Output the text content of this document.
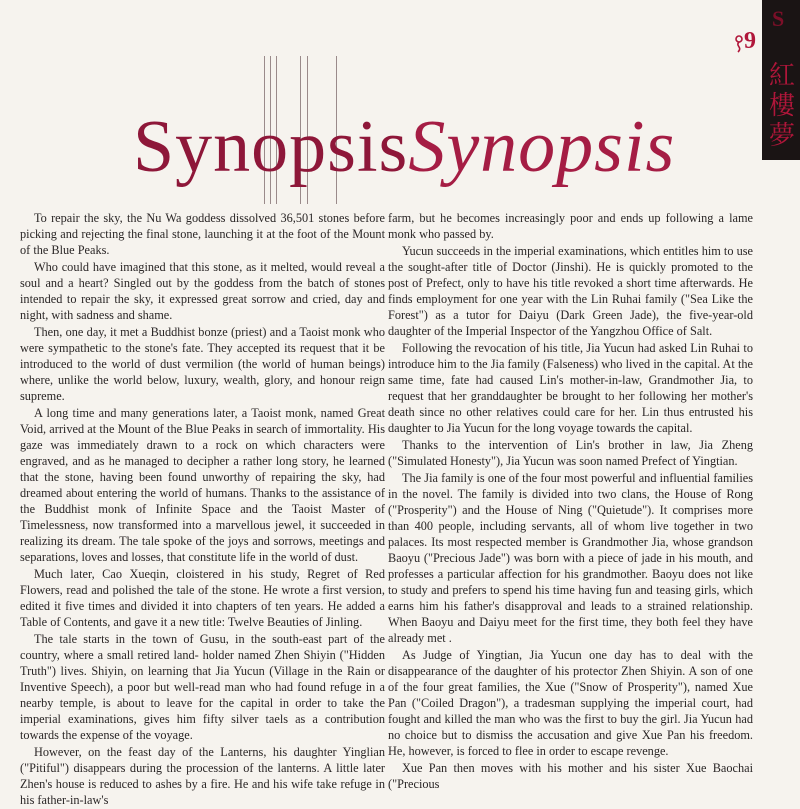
S
紅
樓
夢
9
SynopsisSynopsis

To repair the sky, the Nu Wa goddess dissolved 36,501 stones before picking and rejecting the final stone, launching it at the foot of the Mount of the Blue Peaks.

Who could have imagined that this stone, as it melted, would reveal a soul and a heart? Singled out by the goddess from the batch of stones intended to repair the sky, it expressed great sorrow and cried, day and night, with sadness and shame.

Then, one day, it met a Buddhist bonze (priest) and a Taoist monk who were sympathetic to the stone's fate. They accepted its request that it be introduced to the world of dust vermilion (the world of human beings) where, unlike the world below, luxury, wealth, glory, and honour reign supreme.

A long time and many generations later, a Taoist monk, named Great Void, arrived at the Mount of the Blue Peaks in search of immortality. His gaze was immediately drawn to a rock on which characters were engraved, and as he managed to decipher a rather long story, he learned that the stone, having been found unworthy of repairing the sky, had dreamed about entering the world of humans. Thanks to the assistance of the Buddhist monk of Infinite Space and the Taoist Master of Timelessness, now transformed into a marvellous jewel, it succeeded in realizing its dream. The tale spoke of the joys and sorrows, meetings and separations, loves and losses, that constitute life in the world of dust.

Much later, Cao Xueqin, cloistered in his study, Regret of Red Flowers, read and polished the tale of the stone. He wrote a first version, edited it five times and divided it into chapters of ten years. He added a Table of Contents, and gave it a new title: Twelve Beauties of Jinling.

The tale starts in the town of Gusu, in the south-east part of the country, where a small retired land- holder named Zhen Shiyin ("Hidden Truth") lives. Shiyin, on learning that Jia Yucun (Village in the Rain or Inventive Speech), a poor but well-read man who had found refuge in a nearby temple, is about to leave for the capital in order to take the imperial examinations, gives him fifty silver taels as a contribution towards the expense of the voyage.

However, on the feast day of the Lanterns, his daughter Yinglian ("Pitiful") disappears during the procession of the lanterns. A little later Zhen's house is reduced to ashes by a fire. He and his wife take refuge in his father-in-law's

farm, but he becomes increasingly poor and ends up following a lame monk who passed by.

Yucun succeeds in the imperial examinations, which entitles him to use the sought-after title of Doctor (Jinshi). He is quickly promoted to the post of Prefect, only to have his title revoked a short time afterwards. He finds employment for one year with the Lin Ruhai family ("Sea Like the Forest") as a tutor for Daiyu (Dark Green Jade), the five-year-old daughter of the Imperial Inspector of the Yangzhou Office of Salt.

Following the revocation of his title, Jia Yucun had asked Lin Ruhai to introduce him to the Jia family (Falseness) who lived in the capital. At the same time, fate had caused Lin's mother-in-law, Grandmother Jia, to request that her granddaughter be brought to her following her mother's death since no other relatives could care for her. Lin thus entrusted his daughter to Jia Yucun for the long voyage towards the capital.

Thanks to the intervention of Lin's brother in law, Jia Zheng ("Simulated Honesty"), Jia Yucun was soon named Prefect of Yingtian.

The Jia family is one of the four most powerful and influential families in the novel. The family is divided into two clans, the House of Rong ("Prosperity") and the House of Ning ("Quietude"). It comprises more than 400 people, including servants, all of whom live together in two palaces. Its most respected member is Grandmother Jia, whose grandson Baoyu ("Precious Jade") was born with a piece of jade in his mouth, and professes a particular affection for his grandmother. Baoyu does not like to study and prefers to spend his time having fun and teasing girls, which earns him his father's disapproval and leads to a strained relationship. When Baoyu and Daiyu meet for the first time, they both feel they have already met .

As Judge of Yingtian, Jia Yucun one day has to deal with the disappearance of the daughter of his protector Zhen Shiyin. A son of one of the four great families, the Xue ("Snow of Prosperity"), named Xue Pan ("Coiled Dragon"), a tradesman supplying the imperial court, had fought and killed the man who was the first to buy the girl. Jia Yucun had no choice but to dismiss the accusation and give Xue Pan his freedom. He, however, is forced to flee in order to escape revenge.

Xue Pan then moves with his mother and his sister Xue Baochai ("Precious
